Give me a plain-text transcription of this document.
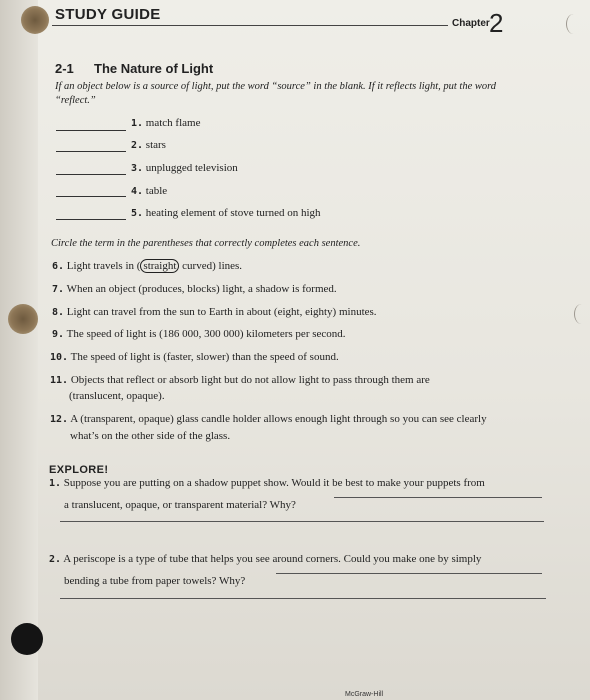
STUDY GUIDE
Chapter 2
2-1 The Nature of Light
If an object below is a source of light, put the word “source” in the blank. If it reflects light, put the word
“reflect.”
1. match flame
2. stars
3. unplugged television
4. table
5. heating element of stove turned on high
Circle the term in the parentheses that correctly completes each sentence.
6. Light travels in ( straight curved) lines.
7. When an object (produces, blocks) light, a shadow is formed.
8. Light can travel from the sun to Earth in about (eight, eighty) minutes.
9. The speed of light is (186 000, 300 000) kilometers per second.
10. The speed of light is (faster, slower) than the speed of sound.
11. Objects that reflect or absorb light but do not allow light to pass through them are
(translucent, opaque).
12. A (transparent, opaque) glass candle holder allows enough light through so you can see clearly
what’s on the other side of the glass.
EXPLORE!
1. Suppose you are putting on a shadow puppet show. Would it be best to make your puppets from
a translucent, opaque, or transparent material? Why?
2. A periscope is a type of tube that helps you see around corners. Could you make one by simply
bending a tube from paper towels? Why?
McGraw-Hill
